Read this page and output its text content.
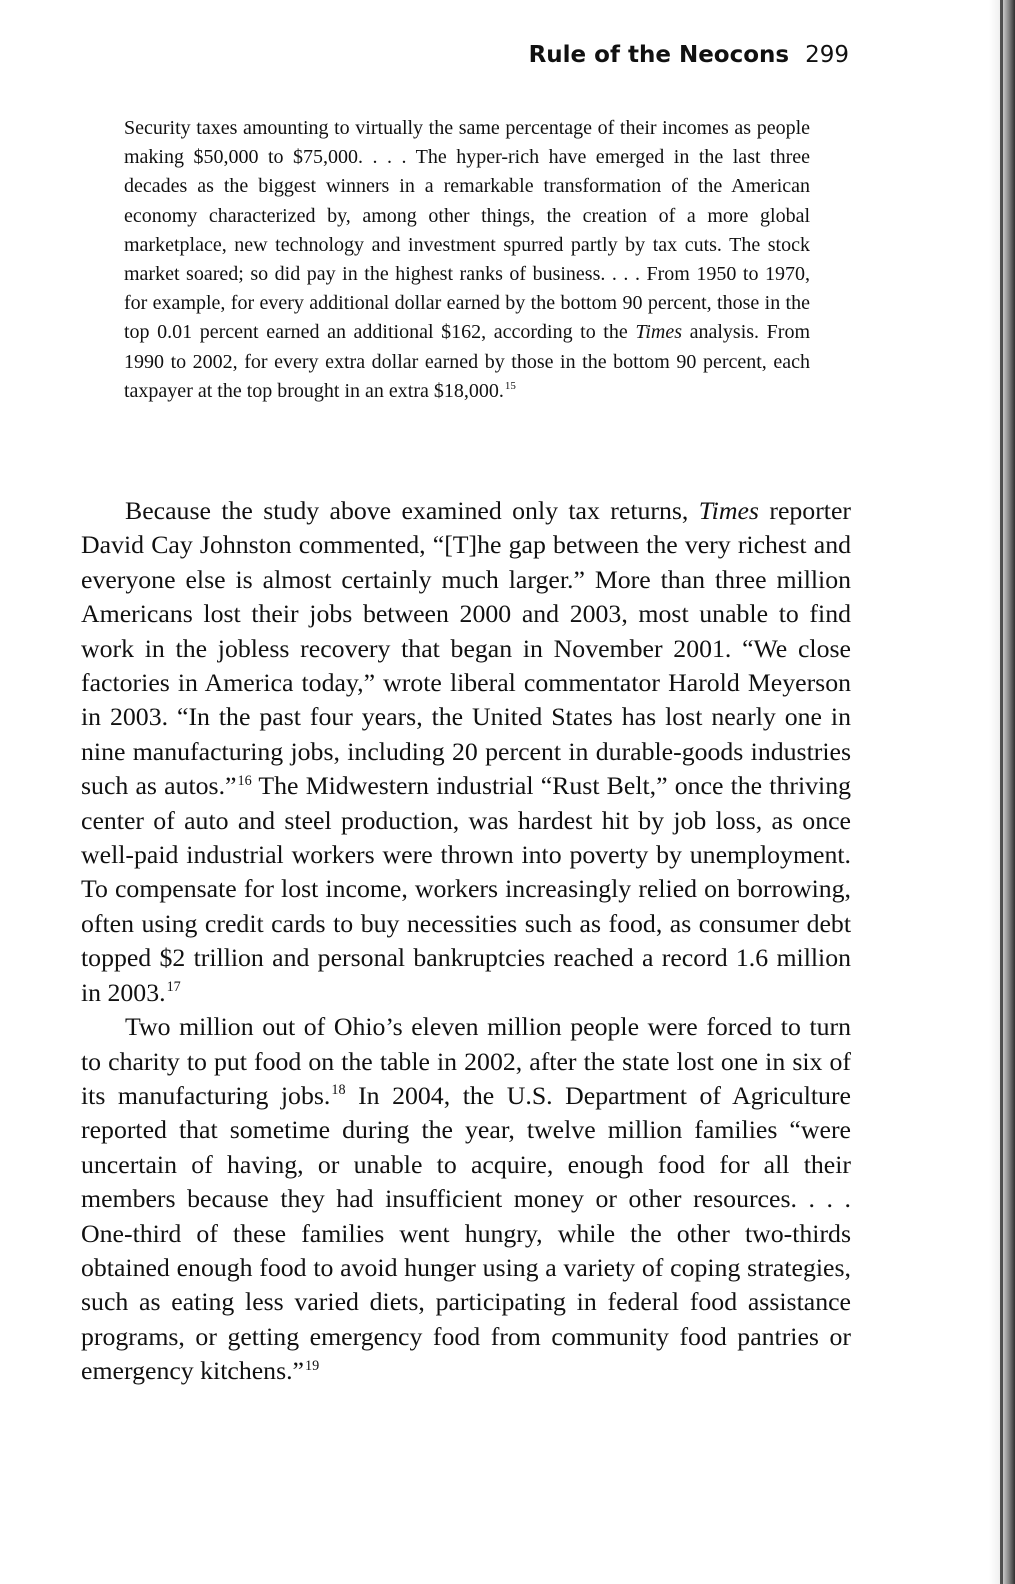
Rule of the Neocons 299

Security taxes amounting to virtually the same percentage of their incomes as people making $50,000 to $75,000. . . . The hyper-rich have emerged in the last three decades as the biggest winners in a remarkable transformation of the American economy characterized by, among other things, the creation of a more global marketplace, new technology and investment spurred partly by tax cuts. The stock market soared; so did pay in the highest ranks of business. . . . From 1950 to 1970, for example, for every additional dollar earned by the bottom 90 percent, those in the top 0.01 percent earned an additional $162, according to the Times analysis. From 1990 to 2002, for every extra dollar earned by those in the bottom 90 percent, each taxpayer at the top brought in an extra $18,000.15

Because the study above examined only tax returns, Times reporter David Cay Johnston commented, “[T]he gap between the very richest and everyone else is almost certainly much larger.” More than three million Americans lost their jobs between 2000 and 2003, most unable to find work in the jobless recovery that began in November 2001. “We close factories in America today,” wrote liberal commentator Harold Meyerson in 2003. “In the past four years, the United States has lost nearly one in nine manufacturing jobs, including 20 percent in durable-goods industries such as autos.”$^{16}$ The Midwestern industrial “Rust Belt,” once the thriving center of auto and steel production, was hardest hit by job loss, as once well-paid industrial workers were thrown into poverty by unemployment. To compensate for lost income, workers increasingly relied on borrowing, often using credit cards to buy necessities such as food, as consumer debt topped $2 trillion and personal bankruptcies reached a record 1.6 million in 2003.17

Two million out of Ohio’s eleven million people were forced to turn to charity to put food on the table in 2002, after the state lost one in six of its manufacturing jobs.$^{18}$ In 2004, the U.S. Department of Agriculture reported that sometime during the year, twelve million families “were uncertain of having, or unable to acquire, enough food for all their members because they had insufficient money or other resources. . . . One-third of these families went hungry, while the other two-thirds obtained enough food to avoid hunger using a variety of coping strategies, such as eating less varied diets, participating in federal food assistance programs, or getting emergency food from community food pantries or emergency kitchens.”$^{19}$
